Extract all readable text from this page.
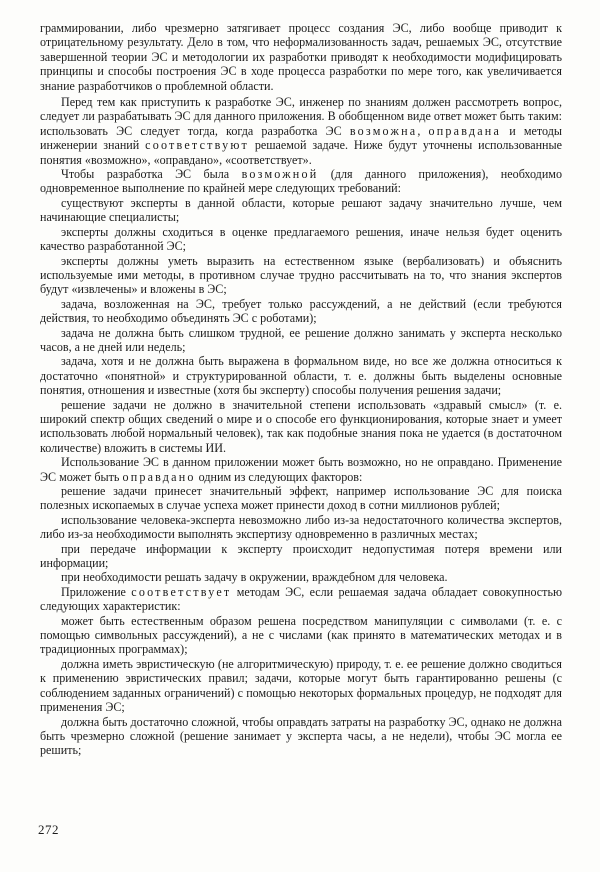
граммировании, либо чрезмерно затягивает процесс создания ЭС, либо вообще приводит к отрицательному результату. Дело в том, что неформализованность задач, решаемых ЭС, отсутствие завершенной теории ЭС и методологии их разработки приводят к необходимости модифицировать принципы и способы построения ЭС в ходе процесса разработки по мере того, как увеличивается знание разработчиков о проблемной области.

Перед тем как приступить к разработке ЭС, инженер по знаниям должен рассмотреть вопрос, следует ли разрабатывать ЭС для данного приложения. В обобщенном виде ответ может быть таким: использовать ЭС следует тогда, когда разработка ЭС возможна, оправдана и методы инженерии знаний соответствуют решаемой задаче. Ниже будут уточнены использованные понятия «возможно», «оправдано», «соответствует».

Чтобы разработка ЭС была возможной (для данного приложения), необходимо одновременное выполнение по крайней мере следующих требований:

существуют эксперты в данной области, которые решают задачу значительно лучше, чем начинающие специалисты;

эксперты должны сходиться в оценке предлагаемого решения, иначе нельзя будет оценить качество разработанной ЭС;

эксперты должны уметь выразить на естественном языке (вербализовать) и объяснить используемые ими методы, в противном случае трудно рассчитывать на то, что знания экспертов будут «извлечены» и вложены в ЭС;

задача, возложенная на ЭС, требует только рассуждений, а не действий (если требуются действия, то необходимо объединять ЭС с роботами);

задача не должна быть слишком трудной, ее решение должно занимать у эксперта несколько часов, а не дней или недель;

задача, хотя и не должна быть выражена в формальном виде, но все же должна относиться к достаточно «понятной» и структурированной области, т. е. должны быть выделены основные понятия, отношения и известные (хотя бы эксперту) способы получения решения задачи;

решение задачи не должно в значительной степени использовать «здравый смысл» (т. е. широкий спектр общих сведений о мире и о способе его функционирования, которые знает и умеет использовать любой нормальный человек), так как подобные знания пока не удается (в достаточном количестве) вложить в системы ИИ.

Использование ЭС в данном приложении может быть возможно, но не оправдано. Применение ЭС может быть оправдано одним из следующих факторов:

решение задачи принесет значительный эффект, например использование ЭС для поиска полезных ископаемых в случае успеха может принести доход в сотни миллионов рублей;

использование человека-эксперта невозможно либо из-за недостаточного количества экспертов, либо из-за необходимости выполнять экспертизу одновременно в различных местах;

при передаче информации к эксперту происходит недопустимая потеря времени или информации;

при необходимости решать задачу в окружении, враждебном для человека.

Приложение соответствует методам ЭС, если решаемая задача обладает совокупностью следующих характеристик:

может быть естественным образом решена посредством манипуляции с символами (т. е. с помощью символьных рассуждений), а не с числами (как принято в математических методах и в традиционных программах);

должна иметь эвристическую (не алгоритмическую) природу, т. е. ее решение должно сводиться к применению эвристических правил; задачи, которые могут быть гарантированно решены (с соблюдением заданных ограничений) с помощью некоторых формальных процедур, не подходят для применения ЭС;

должна быть достаточно сложной, чтобы оправдать затраты на разработку ЭС, однако не должна быть чрезмерно сложной (решение занимает у эксперта часы, а не недели), чтобы ЭС могла ее решить;

272
